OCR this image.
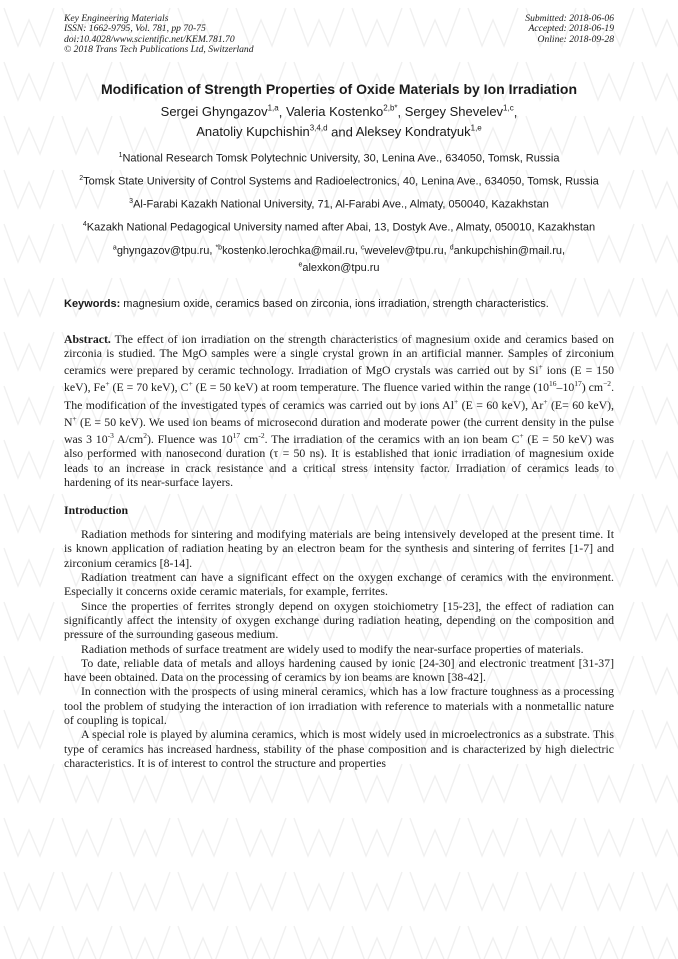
Key Engineering Materials
ISSN: 1662-9795, Vol. 781, pp 70-75
doi:10.4028/www.scientific.net/KEM.781.70
© 2018 Trans Tech Publications Ltd, Switzerland
Submitted: 2018-06-06
Accepted: 2018-06-19
Online: 2018-09-28
Modification of Strength Properties of Oxide Materials by Ion Irradiation
Sergei Ghyngazov$^{1,a}$, Valeria Kostenko$^{2,b*}$, Sergey Shevelev$^{1,c}$,
Anatoliy Kupchishin$^{3,4,d}$ and Aleksey Kondratyuk$^{1,e}$

$^1$National Research Tomsk Polytechnic University, 30, Lenina Ave., 634050, Tomsk, Russia

$^2$Tomsk State University of Control Systems and Radioelectronics, 40, Lenina Ave., 634050, Tomsk, Russia

$^3$Al-Farabi Kazakh National University, 71, Al-Farabi Ave., Almaty, 050040, Kazakhstan

$^4$Kazakh National Pedagogical University named after Abai, 13, Dostyk Ave., Almaty, 050010, Kazakhstan

$^a$ghyngazov@tpu.ru, $^{*b}$kostenko.lerochka@mail.ru, $^c$wevelev@tpu.ru, $^d$ankupchishin@mail.ru,
$^e$alexkon@tpu.ru
Keywords: magnesium oxide, ceramics based on zirconia, ions irradiation, strength characteristics.
Abstract. The effect of ion irradiation on the strength characteristics of magnesium oxide and ceramics based on zirconia is studied. The MgO samples were a single crystal grown in an artificial manner. Samples of zirconium ceramics were prepared by ceramic technology. Irradiation of MgO crystals was carried out by Si+ ions (E = 150 keV), Fe+ (E = 70 keV), C+ (E = 50 keV) at room temperature. The fluence varied within the range $(10^{16}-10^{17})$ $cm^{-2}$. The modification of the investigated types of ceramics was carried out by ions Al+ (E = 60 keV), Ar+ (E= 60 keV), N+ (E = 50 keV). We used ion beams of microsecond duration and moderate power (the current density in the pulse was 3 $10^{-3}$ $A/cm^2$). Fluence was $10^{17}$ $cm^{-2}$. The irradiation of the ceramics with an ion beam C+ (E = 50 keV) was also performed with nanosecond duration (τ = 50 ns). It is established that ionic irradiation of magnesium oxide leads to an increase in crack resistance and a critical stress intensity factor. Irradiation of ceramics leads to hardening of its near-surface layers.
Introduction

Radiation methods for sintering and modifying materials are being intensively developed at the present time. It is known application of radiation heating by an electron beam for the synthesis and sintering of ferrites [1-7] and zirconium ceramics [8-14].

Radiation treatment can have a significant effect on the oxygen exchange of ceramics with the environment. Especially it concerns oxide ceramic materials, for example, ferrites.

Since the properties of ferrites strongly depend on oxygen stoichiometry [15-23], the effect of radiation can significantly affect the intensity of oxygen exchange during radiation heating, depending on the composition and pressure of the surrounding gaseous medium.

Radiation methods of surface treatment are widely used to modify the near-surface properties of materials.

To date, reliable data of metals and alloys hardening caused by ionic [24-30] and electronic treatment [31-37] have been obtained. Data on the processing of ceramics by ion beams are known [38-42].

In connection with the prospects of using mineral ceramics, which has a low fracture toughness as a processing tool the problem of studying the interaction of ion irradiation with reference to materials with a nonmetallic nature of coupling is topical.

A special role is played by alumina ceramics, which is most widely used in microelectronics as a substrate. This type of ceramics has increased hardness, stability of the phase composition and is characterized by high dielectric characteristics. It is of interest to control the structure and properties
